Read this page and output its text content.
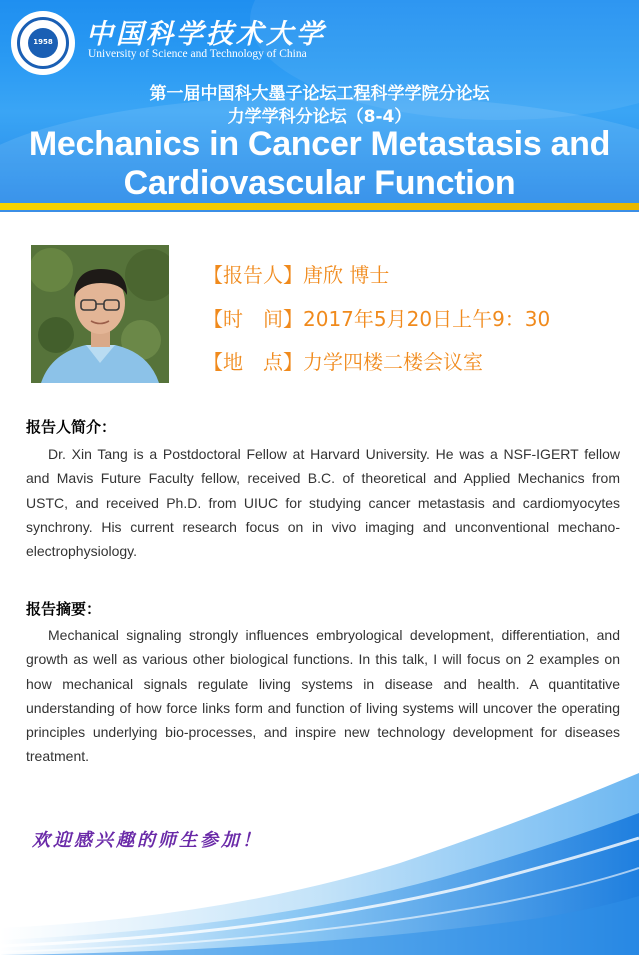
1958	中国科学技术大学
University of Science and Technology of China
第一届中国科大墨子论坛工程科学学院分论坛
力学学科分论坛（8-4）
Mechanics in Cancer Metastasis and
Cardiovascular Function
【报告人】唐欣 博士
【时　间】2017年5月20日上午9：30
【地　点】力学四楼二楼会议室
报告人简介：
Dr. Xin Tang is a Postdoctoral Fellow at Harvard University. He was a NSF-IGERT fellow and Mavis Future Faculty fellow, received B.C. of theoretical and Applied Mechanics from USTC, and received Ph.D. from UIUC for studying cancer metastasis and cardiomyocytes synchrony. His current research focus on in vivo imaging and unconventional mechano-electrophysiology.
报告摘要：
Mechanical signaling strongly influences embryological development, differentiation, and growth as well as various other biological functions. In this talk, I will focus on 2 examples on how mechanical signals regulate living systems in disease and health. A quantitative understanding of how force links form and function of living systems will uncover the operating principles underlying bio-processes, and inspire new technology development for diseases treatment.
欢迎感兴趣的师生参加！
